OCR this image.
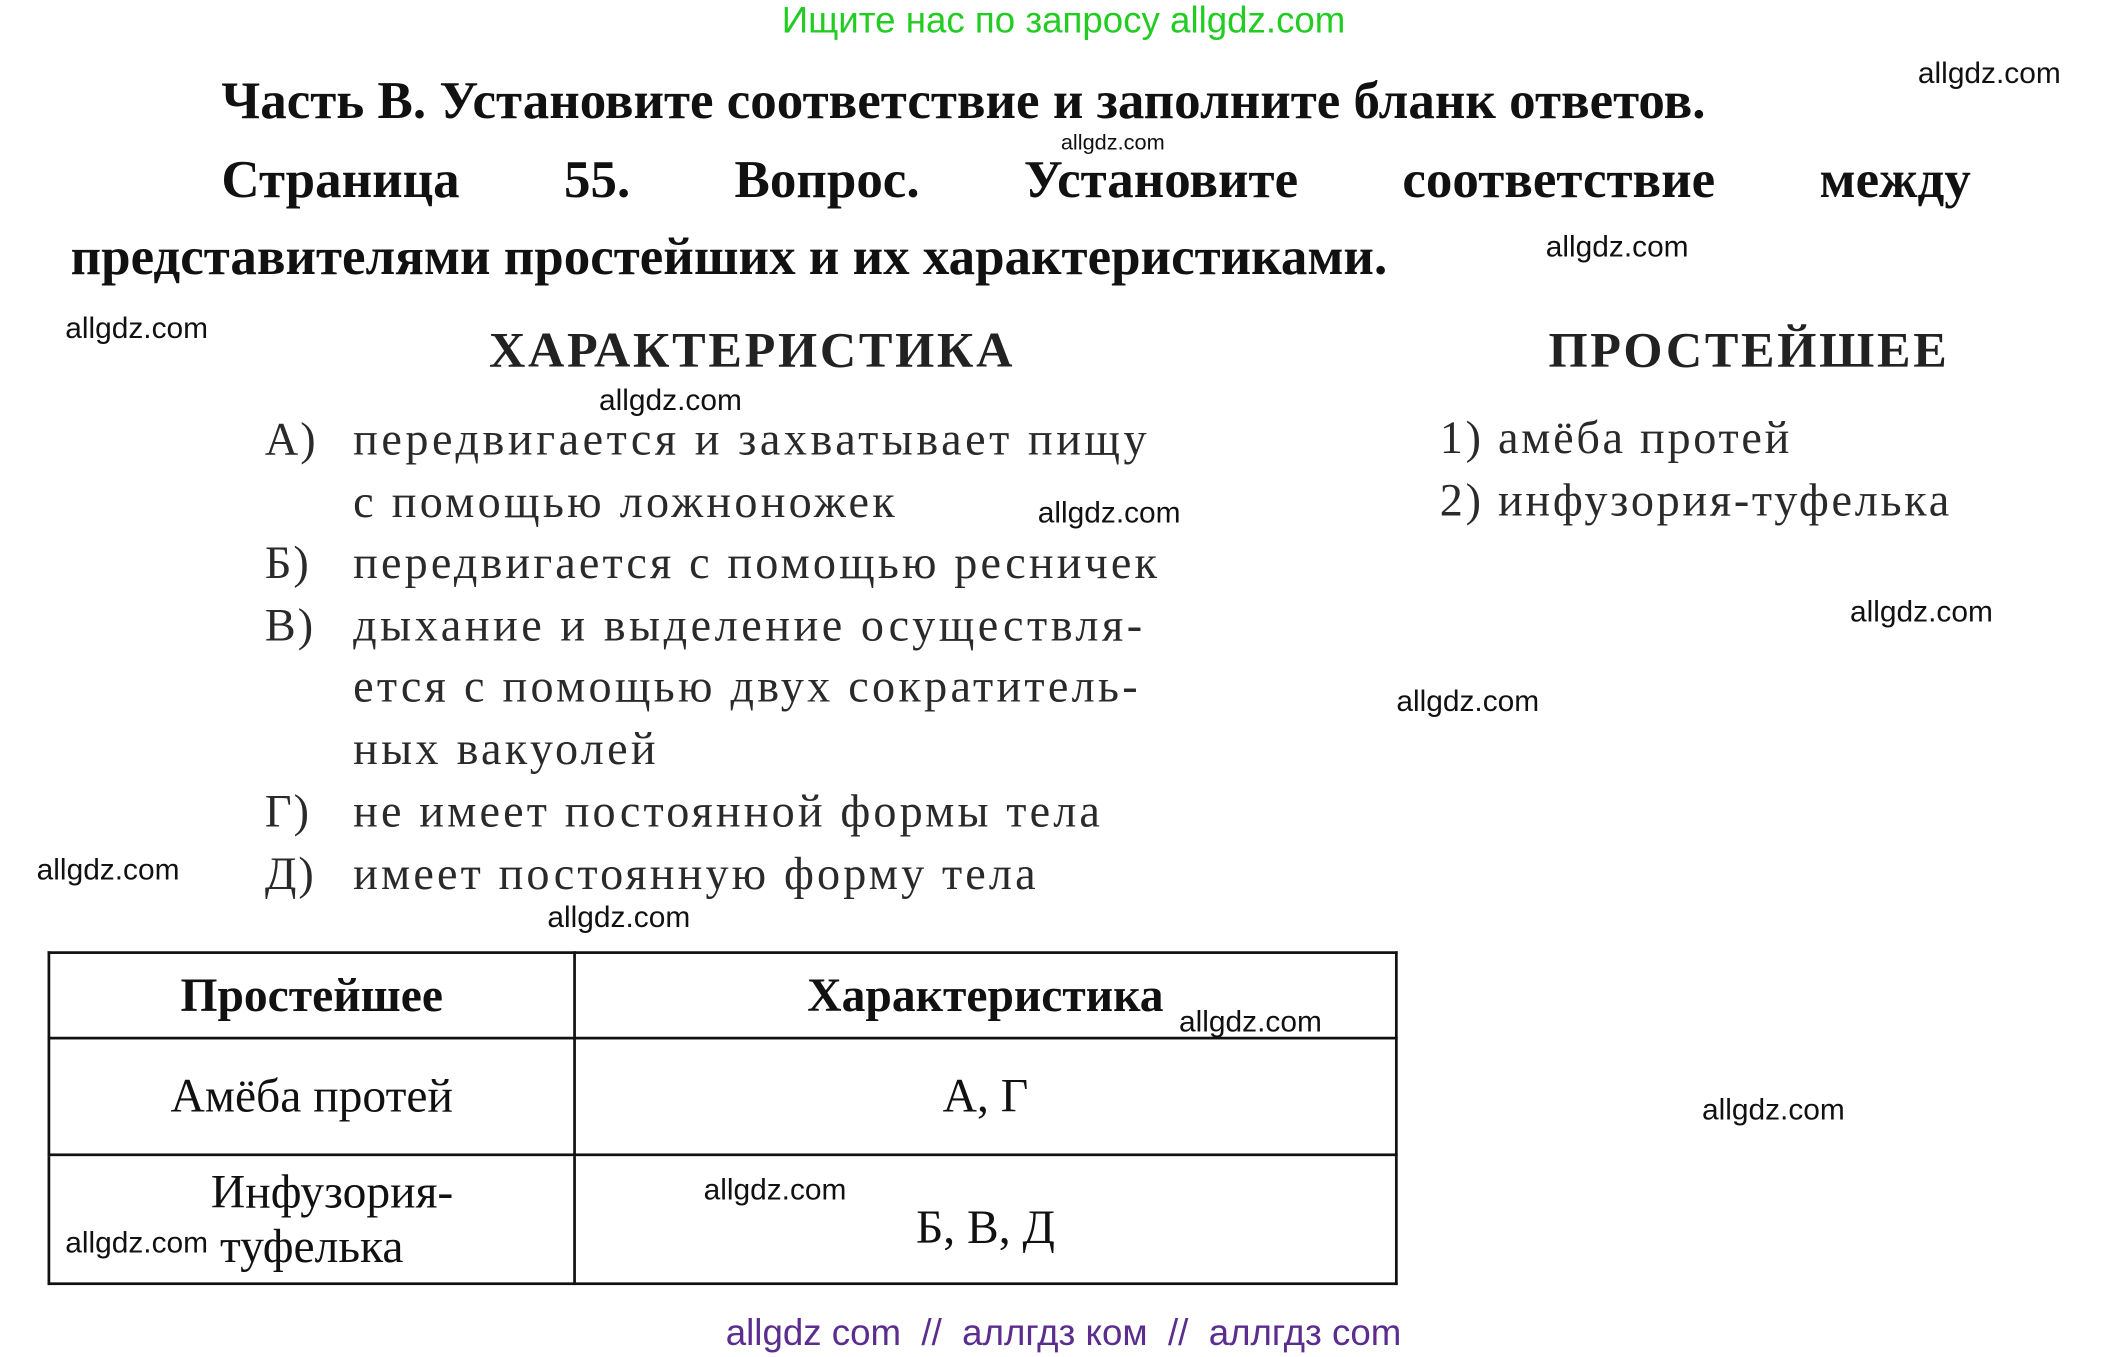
Ищите нас по запросу allgdz.com
Часть В. Установите соответствие и заполните бланк ответов.
Страница	55.	Вопрос.	Установите	соответствие	между
представителями простейших и их характеристиками.
ХАРАКТЕРИСТИКА	ПРОСТЕЙШЕЕ
А) передвигается и захватывает пищу
с помощью ложноножек
Б) передвигается с помощью ресничек
В) дыхание и выделение осуществля-
ется с помощью двух сократитель-
ных вакуолей
Г) не имеет постоянной формы тела
Д) имеет постоянную форму тела
1) амёба протей
2) инфузория-туфелька
Простейшее	Характеристика
Амёба протей	А, Г

Инфузория-
туфелька	Б, В, Д
allgdz.com
allgdz.com
allgdz.com
allgdz.com
allgdz.com
allgdz.com
allgdz.com
allgdz.com
allgdz.com
allgdz.com
allgdz.com
allgdz.com
allgdz.com
allgdz.com
allgdz com  //  аллгдз ком  //  аллгдз com
